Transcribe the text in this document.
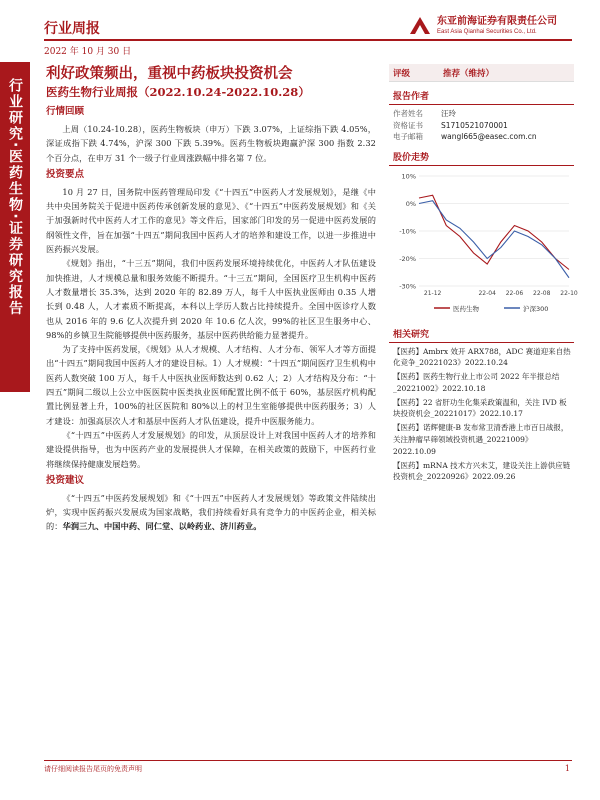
行业周报	东亚前海证券有限责任公司
East Asia Qianhai Securities Co., Ltd.
2022 年 10 月 30 日
行业研究·医药生物·证券研究报告
利好政策频出，重视中药板块投资机会
医药生物行业周报（2022.10.24-2022.10.28）
行情回顾

上周（10.24-10.28），医药生物板块（申万）下跌 3.07%，上证综指下跌 4.05%，深证成指下跌 4.74%，沪深 300 下跌 5.39%。医药生物板块跑赢沪深 300 指数 2.32 个百分点，在申万 31 个一级子行业周涨跌幅中排名第 7 位。

投资要点

10 月 27 日，国务院中医药管理局印发《“十四五”中医药人才发展规划》，是继《中共中央国务院关于促进中医药传承创新发展的意见》、《“十四五”中医药发展规划》和《关于加强新时代中医药人才工作的意见》等文件后，国家部门印发的另一促进中医药发展的纲领性文件，旨在加强“十四五”期间我国中医药人才的培养和建设工作，以进一步推进中医药振兴发展。

《规划》指出，“十三五”期间，我们中医药发展环境持续优化，中医药人才队伍建设加快推进，人才规模总量和服务效能不断提升。“十三五”期间，全国医疗卫生机构中医药人才数量增长 35.3%，达到 2020 年的 82.89 万人，每千人中医执业医师由 0.35 人增长到 0.48 人，人才素质不断提高，本科以上学历人数占比持续提升。全国中医诊疗人数也从 2016 年的 9.6 亿人次提升到 2020 年 10.6 亿人次，99%的社区卫生服务中心、98%的乡镇卫生院能够提供中医药服务，基层中医药供给能力显著提升。

为了支持中医药发展，《规划》从人才规模、人才结构、人才分布、领军人才等方面提出“十四五”期间我国中医药人才的建设目标。1）人才规模：“十四五”期间医疗卫生机构中医药人数突破 100 万人，每千人中医执业医师数达到 0.62 人；2）人才结构及分布：“十四五”期间二级以上公立中医医院中医类执业医师配置比例不低于 60%，基层医疗机构配置比例显著上升，100%的社区医院和 80%以上的村卫生室能够提供中医药服务；3）人才建设：加强高层次人才和基层中医药人才队伍建设，提升中医服务能力。

《“十四五”中医药人才发展规划》的印发，从顶层设计上对我国中医药人才的培养和建设提供指导，也为中医药产业的发展提供人才保障，在相关政策的鼓励下，中医药行业将继续保持健康发展趋势。

投资建议

《“十四五”中医药发展规划》和《“十四五”中医药人才发展规划》等政策文件陆续出炉，实现中医药振兴发展成为国家战略，我们持续看好具有竞争力的中医药企业，相关标的：华润三九、中国中药、同仁堂、以岭药业、济川药业。

评级	推荐（维持）
报告作者
作者姓名	汪玲
资格证书	S1710521070001
电子邮箱	wangl665@easec.com.cn
股价走势
10%
0%
-10%
-20%
-30%
21-12	22-04 22-06 22-08 22-10
医药生物	沪深300
相关研究
【医药】Ambrx 效开 ARX788，ADC 赛道迎来自热化竞争_20221023》2022.10.24
【医药】医药生物行业上市公司 2022 年半报总结_20221002》2022.10.18
【医药】22 省肝功生化集采政策温和，关注 IVD 板块投资机会_20221017》2022.10.17
【医药】诺辉健康-B 发布常卫清香港上市百日战报，关注肿瘤早筛领域投资机遇_20221009》2022.10.09
【医药】mRNA 技术方兴未艾，建设关注上游供应链投资机会_20220926》2022.09.26
请仔细阅读报告尾页的免责声明	1
